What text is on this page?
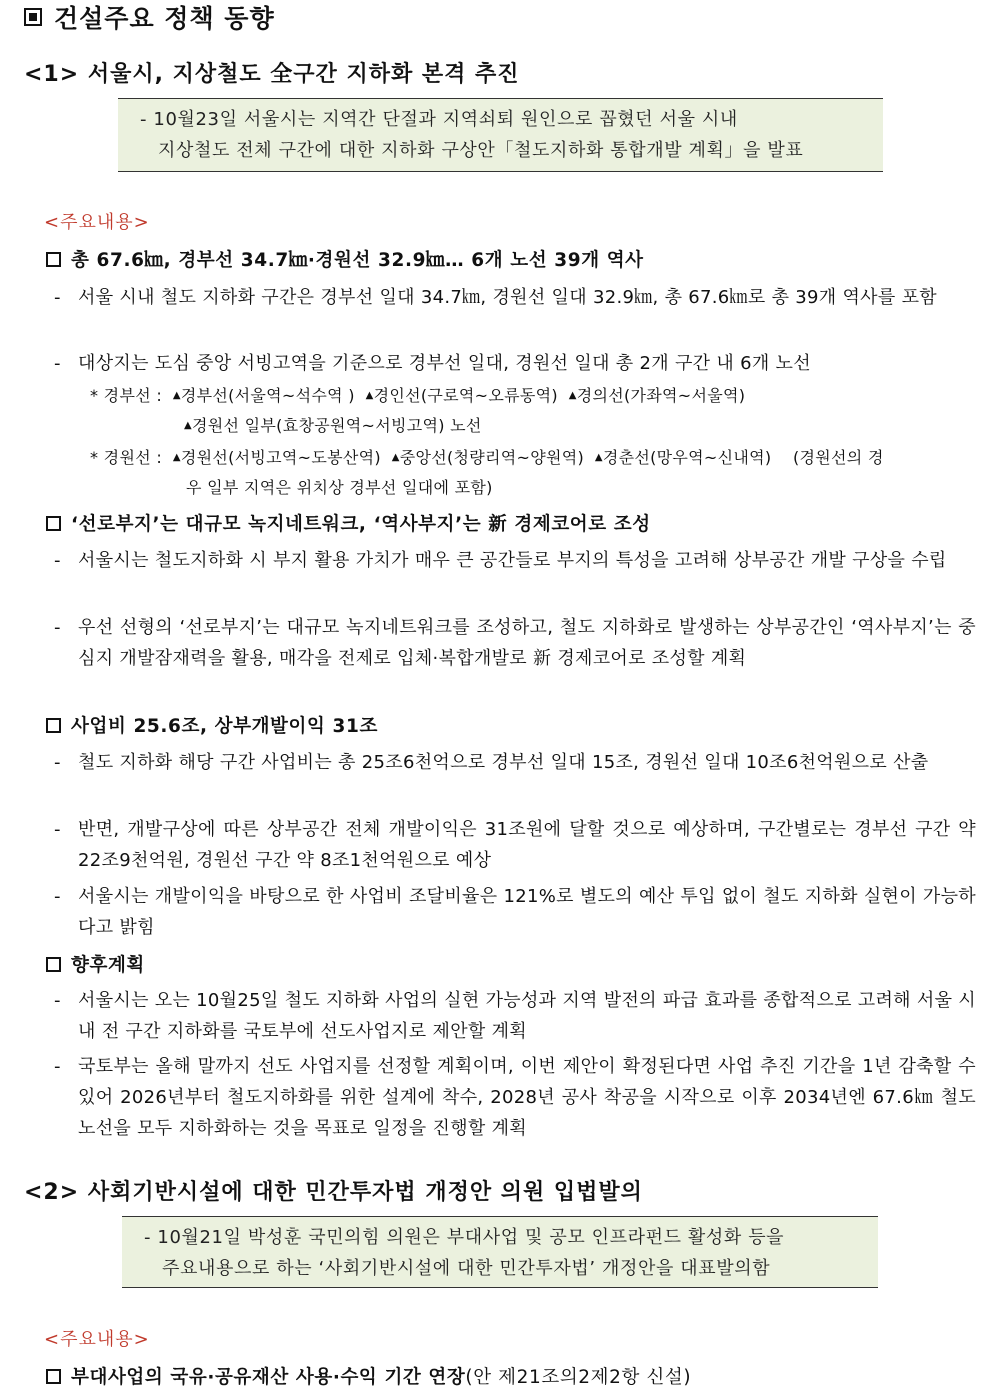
건설주요 정책 동향
<1> 서울시, 지상철도 全구간 지하화 본격 추진
- 10월23일 서울시는 지역간 단절과 지역쇠퇴 원인으로 꼽혔던 서울 시내
지상철도 전체 구간에 대한 지하화 구상안「철도지하화 통합개발 계획」을 발표
<주요내용>
총 67.6㎞, 경부선 34.7㎞·경원선 32.9㎞… 6개 노선 39개 역사
- 서울 시내 철도 지하화 구간은 경부선 일대 34.7㎞, 경원선 일대 32.9㎞, 총 67.6㎞로 총 39개 역사를 포함
- 대상지는 도심 중앙 서빙고역을 기준으로 경부선 일대, 경원선 일대 총 2개 구간 내 6개 노선
* 경부선 : ▲경부선(서울역~석수역 ) ▲경인선(구로역~오류동역) ▲경의선(가좌역~서울역)
▲경원선 일부(효창공원역~서빙고역) 노선
* 경원선 : ▲경원선(서빙고역~도봉산역) ▲중앙선(청량리역~양원역) ▲경춘선(망우역~신내역) (경원선의 경
우 일부 지역은 위치상 경부선 일대에 포함)
‘선로부지’는 대규모 녹지네트워크, ‘역사부지’는 新 경제코어로 조성
- 서울시는 철도지하화 시 부지 활용 가치가 매우 큰 공간들로 부지의 특성을 고려해 상부공간 개발 구상을 수립
- 우선 선형의 ‘선로부지’는 대규모 녹지네트워크를 조성하고, 철도 지하화로 발생하는 상부공간인 ‘역사부지’는 중심지 개발잠재력을 활용, 매각을 전제로 입체·복합개발로 新 경제코어로 조성할 계획
사업비 25.6조, 상부개발이익 31조
- 철도 지하화 해당 구간 사업비는 총 25조6천억으로 경부선 일대 15조, 경원선 일대 10조6천억원으로 산출
- 반면, 개발구상에 따른 상부공간 전체 개발이익은 31조원에 달할 것으로 예상하며, 구간별로는 경부선 구간 약 22조9천억원, 경원선 구간 약 8조1천억원으로 예상
- 서울시는 개발이익을 바탕으로 한 사업비 조달비율은 121%로 별도의 예산 투입 없이 철도 지하화 실현이 가능하다고 밝힘
향후계획
- 서울시는 오는 10월25일 철도 지하화 사업의 실현 가능성과 지역 발전의 파급 효과를 종합적으로 고려해 서울 시내 전 구간 지하화를 국토부에 선도사업지로 제안할 계획
- 국토부는 올해 말까지 선도 사업지를 선정할 계획이며, 이번 제안이 확정된다면 사업 추진 기간을 1년 감축할 수 있어 2026년부터 철도지하화를 위한 설계에 착수, 2028년 공사 착공을 시작으로 이후 2034년엔 67.6㎞ 철도 노선을 모두 지하화하는 것을 목표로 일정을 진행할 계획
<2> 사회기반시설에 대한 민간투자법 개정안 의원 입법발의
- 10월21일 박성훈 국민의힘 의원은 부대사업 및 공모 인프라펀드 활성화 등을
주요내용으로 하는 ‘사회기반시설에 대한 민간투자법’ 개정안을 대표발의함
<주요내용>
부대사업의 국유·공유재산 사용·수익 기간 연장 (안 제21조의2제2항 신설)
